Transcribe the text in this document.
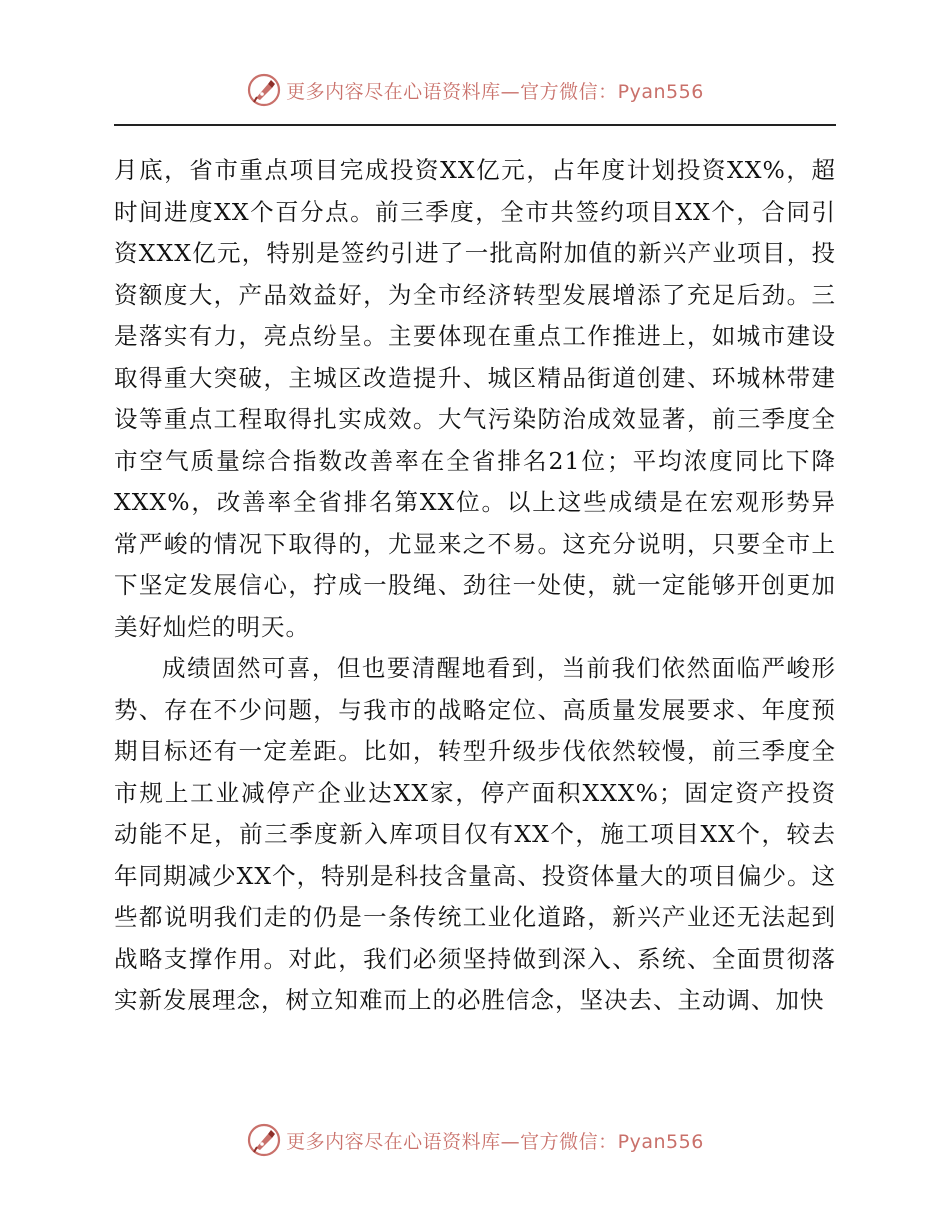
更多内容尽在心语资料库—官方微信：Pyan556

月底，省市重点项目完成投资XX亿元，占年度计划投资XX%，超时间进度XX个百分点。前三季度，全市共签约项目XX个，合同引资XXX亿元，特别是签约引进了一批高附加值的新兴产业项目，投资额度大，产品效益好，为全市经济转型发展增添了充足后劲。三是落实有力，亮点纷呈。主要体现在重点工作推进上，如城市建设取得重大突破，主城区改造提升、城区精品街道创建、环城林带建设等重点工程取得扎实成效。大气污染防治成效显著，前三季度全市空气质量综合指数改善率在全省排名21位；平均浓度同比下降XXX%，改善率全省排名第XX位。以上这些成绩是在宏观形势异常严峻的情况下取得的，尤显来之不易。这充分说明，只要全市上下坚定发展信心，拧成一股绳、劲往一处使，就一定能够开创更加美好灿烂的明天。

成绩固然可喜，但也要清醒地看到，当前我们依然面临严峻形势、存在不少问题，与我市的战略定位、高质量发展要求、年度预期目标还有一定差距。比如，转型升级步伐依然较慢，前三季度全市规上工业减停产企业达XX家，停产面积XXX%；固定资产投资动能不足，前三季度新入库项目仅有XX个，施工项目XX个，较去年同期减少XX个，特别是科技含量高、投资体量大的项目偏少。这些都说明我们走的仍是一条传统工业化道路，新兴产业还无法起到战略支撑作用。对此，我们必须坚持做到深入、系统、全面贯彻落实新发展理念，树立知难而上的必胜信念，坚决去、主动调、加快

更多内容尽在心语资料库—官方微信：Pyan556
